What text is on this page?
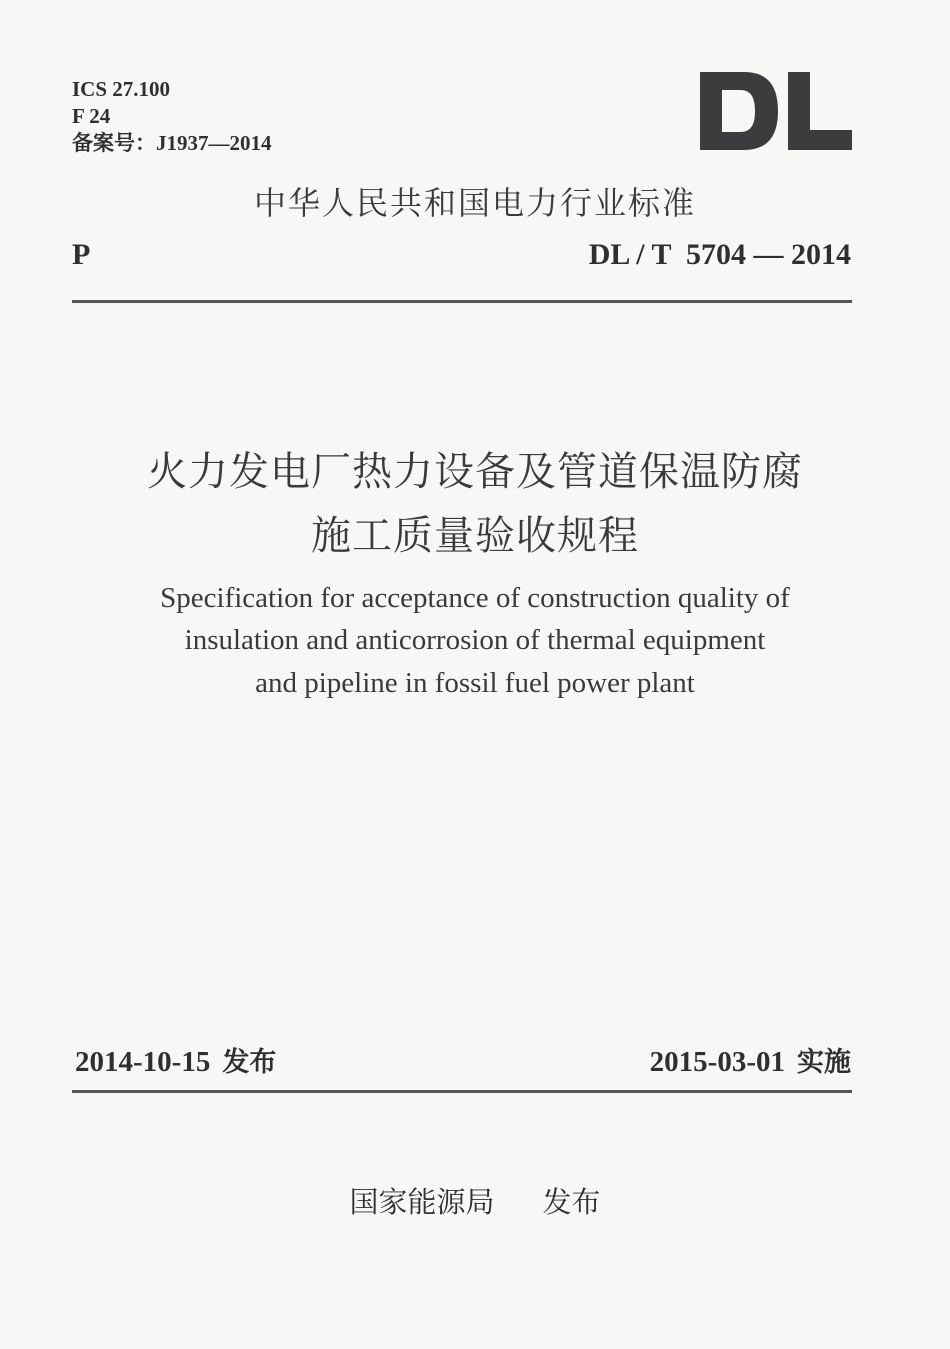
ICS 27.100
F 24
备案号：J1937—2014
中华人民共和国电力行业标准
P	DL / T  5704 — 2014
火力发电厂热力设备及管道保温防腐
施工质量验收规程
Specification for acceptance of construction quality of
insulation and anticorrosion of thermal equipment
and pipeline in fossil fuel power plant
2014-10-15 发布	2015-03-01 实施
国家能源局 发布
